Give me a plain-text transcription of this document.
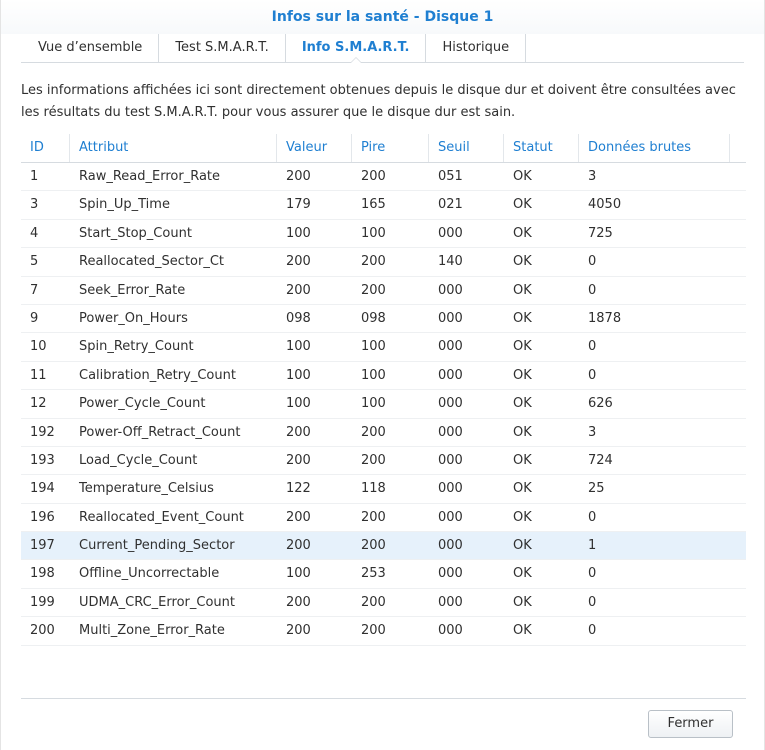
Infos sur la santé - Disque 1
Vue d’ensemble	Test S.M.A.R.T.	Info S.M.A.R.T.	Historique
Les informations affichées ici sont directement obtenues depuis le disque dur et doivent être consultées avec les résultats du test S.M.A.R.T. pour vous assurer que le disque dur est sain.
ID	Attribut	Valeur	Pire	Seuil	Statut	Données brutes
1	Raw_Read_Error_Rate	200	200	051	OK	3
3	Spin_Up_Time	179	165	021	OK	4050
4	Start_Stop_Count	100	100	000	OK	725
5	Reallocated_Sector_Ct	200	200	140	OK	0
7	Seek_Error_Rate	200	200	000	OK	0
9	Power_On_Hours	098	098	000	OK	1878
10	Spin_Retry_Count	100	100	000	OK	0
11	Calibration_Retry_Count	100	100	000	OK	0
12	Power_Cycle_Count	100	100	000	OK	626
192	Power-Off_Retract_Count	200	200	000	OK	3
193	Load_Cycle_Count	200	200	000	OK	724
194	Temperature_Celsius	122	118	000	OK	25
196	Reallocated_Event_Count	200	200	000	OK	0
197	Current_Pending_Sector	200	200	000	OK	1
198	Offline_Uncorrectable	100	253	000	OK	0
199	UDMA_CRC_Error_Count	200	200	000	OK	0
200	Multi_Zone_Error_Rate	200	200	000	OK	0
Fermer
